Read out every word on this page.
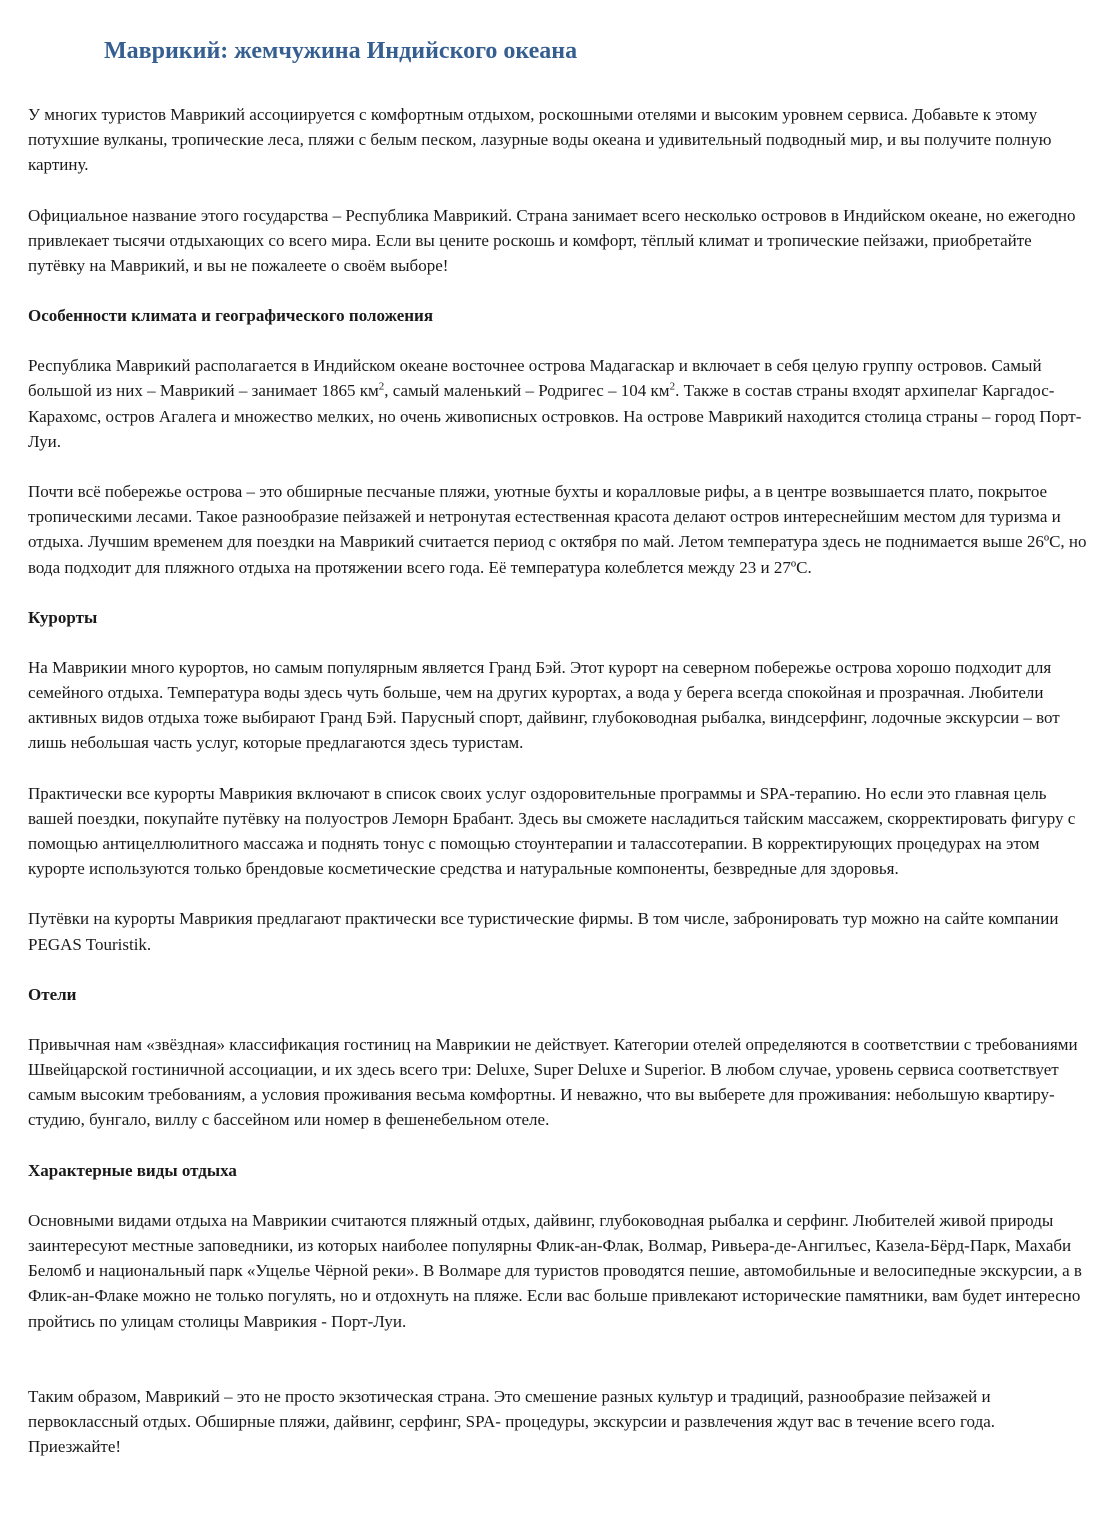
Маврикий: жемчужина Индийского океана

У многих туристов Маврикий ассоциируется с комфортным отдыхом, роскошными отелями и высоким уровнем сервиса. Добавьте к этому потухшие вулканы, тропические леса, пляжи с белым песком, лазурные воды океана и удивительный подводный мир, и вы получите полную картину.

Официальное название этого государства – Республика Маврикий. Страна занимает всего несколько островов в Индийском океане, но ежегодно привлекает тысячи отдыхающих со всего мира. Если вы цените роскошь и комфорт, тёплый климат и тропические пейзажи, приобретайте путёвку на Маврикий, и вы не пожалеете о своём выборе!

Особенности климата и географического положения

Республика Маврикий располагается в Индийском океане восточнее острова Мадагаскар и включает в себя целую группу островов. Самый большой из них – Маврикий – занимает 1865 $км^2$, самый маленький – Родригес – 104 $км^2$. Также в состав страны входят архипелаг Каргадос-Карахомс, остров Агалега и множество мелких, но очень живописных островков. На острове Маврикий находится столица страны – город Порт-Луи.

Почти всё побережье острова – это обширные песчаные пляжи, уютные бухты и коралловые рифы, а в центре возвышается плато, покрытое тропическими лесами. Такое разнообразие пейзажей и нетронутая естественная красота делают остров интереснейшим местом для туризма и отдыха. Лучшим временем для поездки на Маврикий считается период с октября по май. Летом температура здесь не поднимается выше 26ºС, но вода подходит для пляжного отдыха на протяжении всего года. Её температура колеблется между 23 и 27ºС.

Курорты

На Маврикии много курортов, но самым популярным является Гранд Бэй. Этот курорт на северном побережье острова хорошо подходит для семейного отдыха. Температура воды здесь чуть больше, чем на других курортах, а вода у берега всегда спокойная и прозрачная. Любители активных видов отдыха тоже выбирают Гранд Бэй. Парусный спорт, дайвинг, глубоководная рыбалка, виндсерфинг, лодочные экскурсии – вот лишь небольшая часть услуг, которые предлагаются здесь туристам.

Практически все курорты Маврикия включают в список своих услуг оздоровительные программы и SPA-терапию. Но если это главная цель вашей поездки, покупайте путёвку на полуостров Леморн Брабант. Здесь вы сможете насладиться тайским массажем, скорректировать фигуру с помощью антицеллюлитного массажа и поднять тонус с помощью стоунтерапии и талассотерапии. В корректирующих процедурах на этом курорте используются только брендовые косметические средства и натуральные компоненты, безвредные для здоровья.

Путёвки на курорты Маврикия предлагают практически все туристические фирмы. В том числе, забронировать тур можно на сайте компании PEGAS Touristik.

Отели

Привычная нам «звёздная» классификация гостиниц на Маврикии не действует. Категории отелей определяются в соответствии с требованиями Швейцарской гостиничной ассоциации, и их здесь всего три: Deluxe, Super Deluxe и Superior. В любом случае, уровень сервиса соответствует самым высоким требованиям, а условия проживания весьма комфортны. И неважно, что вы выберете для проживания: небольшую квартиру-студию, бунгало, виллу с бассейном или номер в фешенебельном отеле.

Характерные виды отдыха

Основными видами отдыха на Маврикии считаются пляжный отдых, дайвинг, глубоководная рыбалка и серфинг. Любителей живой природы заинтересуют местные заповедники, из которых наиболее популярны Флик-ан-Флак, Волмар, Ривьера-де-Ангилъес, Казела-Бёрд-Парк, Махаби Беломб и национальный парк «Ущелье Чёрной реки». В Волмаре для туристов проводятся пешие, автомобильные и велосипедные экскурсии, а в Флик-ан-Флаке можно не только погулять, но и отдохнуть на пляже. Если вас больше привлекают исторические памятники, вам будет интересно пройтись по улицам столицы Маврикия - Порт-Луи.

Таким образом, Маврикий – это не просто экзотическая страна. Это смешение разных культур и традиций, разнообразие пейзажей и первоклассный отдых. Обширные пляжи, дайвинг, серфинг, SPA- процедуры, экскурсии и развлечения ждут вас в течение всего года. Приезжайте!
